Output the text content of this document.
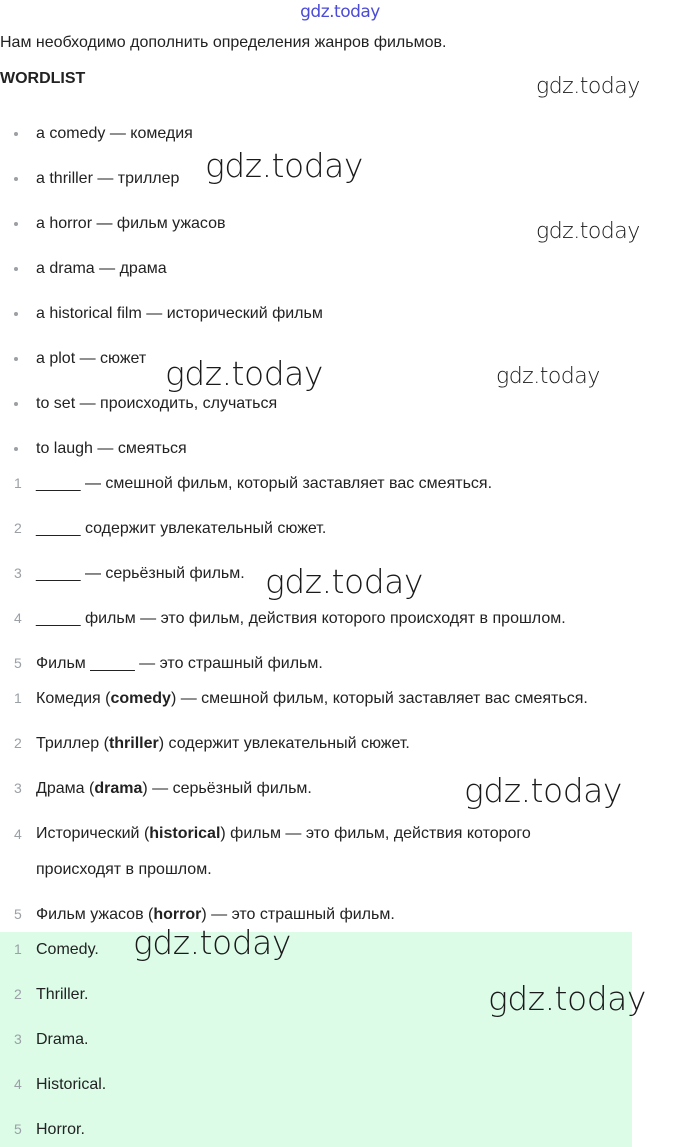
gdz.today
Нам необходимо дополнить определения жанров фильмов.
WORDLIST
a comedy — комедия
a thriller — триллер
a horror — фильм ужасов
a drama — драма
a historical film — исторический фильм
a plot — сюжет
to set — происходить, случаться
to laugh — смеяться
1 _____ — смешной фильм, который заставляет вас смеяться.
2 _____ содержит увлекательный сюжет.
3 _____ — серьёзный фильм.
4 _____ фильм — это фильм, действия которого происходят в прошлом.
5 Фильм _____ — это страшный фильм.
1 Комедия (comedy) — смешной фильм, который заставляет вас смеяться.
2 Триллер (thriller) содержит увлекательный сюжет.
3 Драма (drama) — серьёзный фильм.
4 Исторический (historical) фильм — это фильм, действия которого
происходят в прошлом.
5 Фильм ужасов (horror) — это страшный фильм.
1 Comedy.
2 Thriller.
3 Drama.
4 Historical.
5 Horror.
gdz.today
gdz.today
gdz.today
gdz.today	gdz.today
gdz.today
gdz.today
gdz.today
gdz.today
